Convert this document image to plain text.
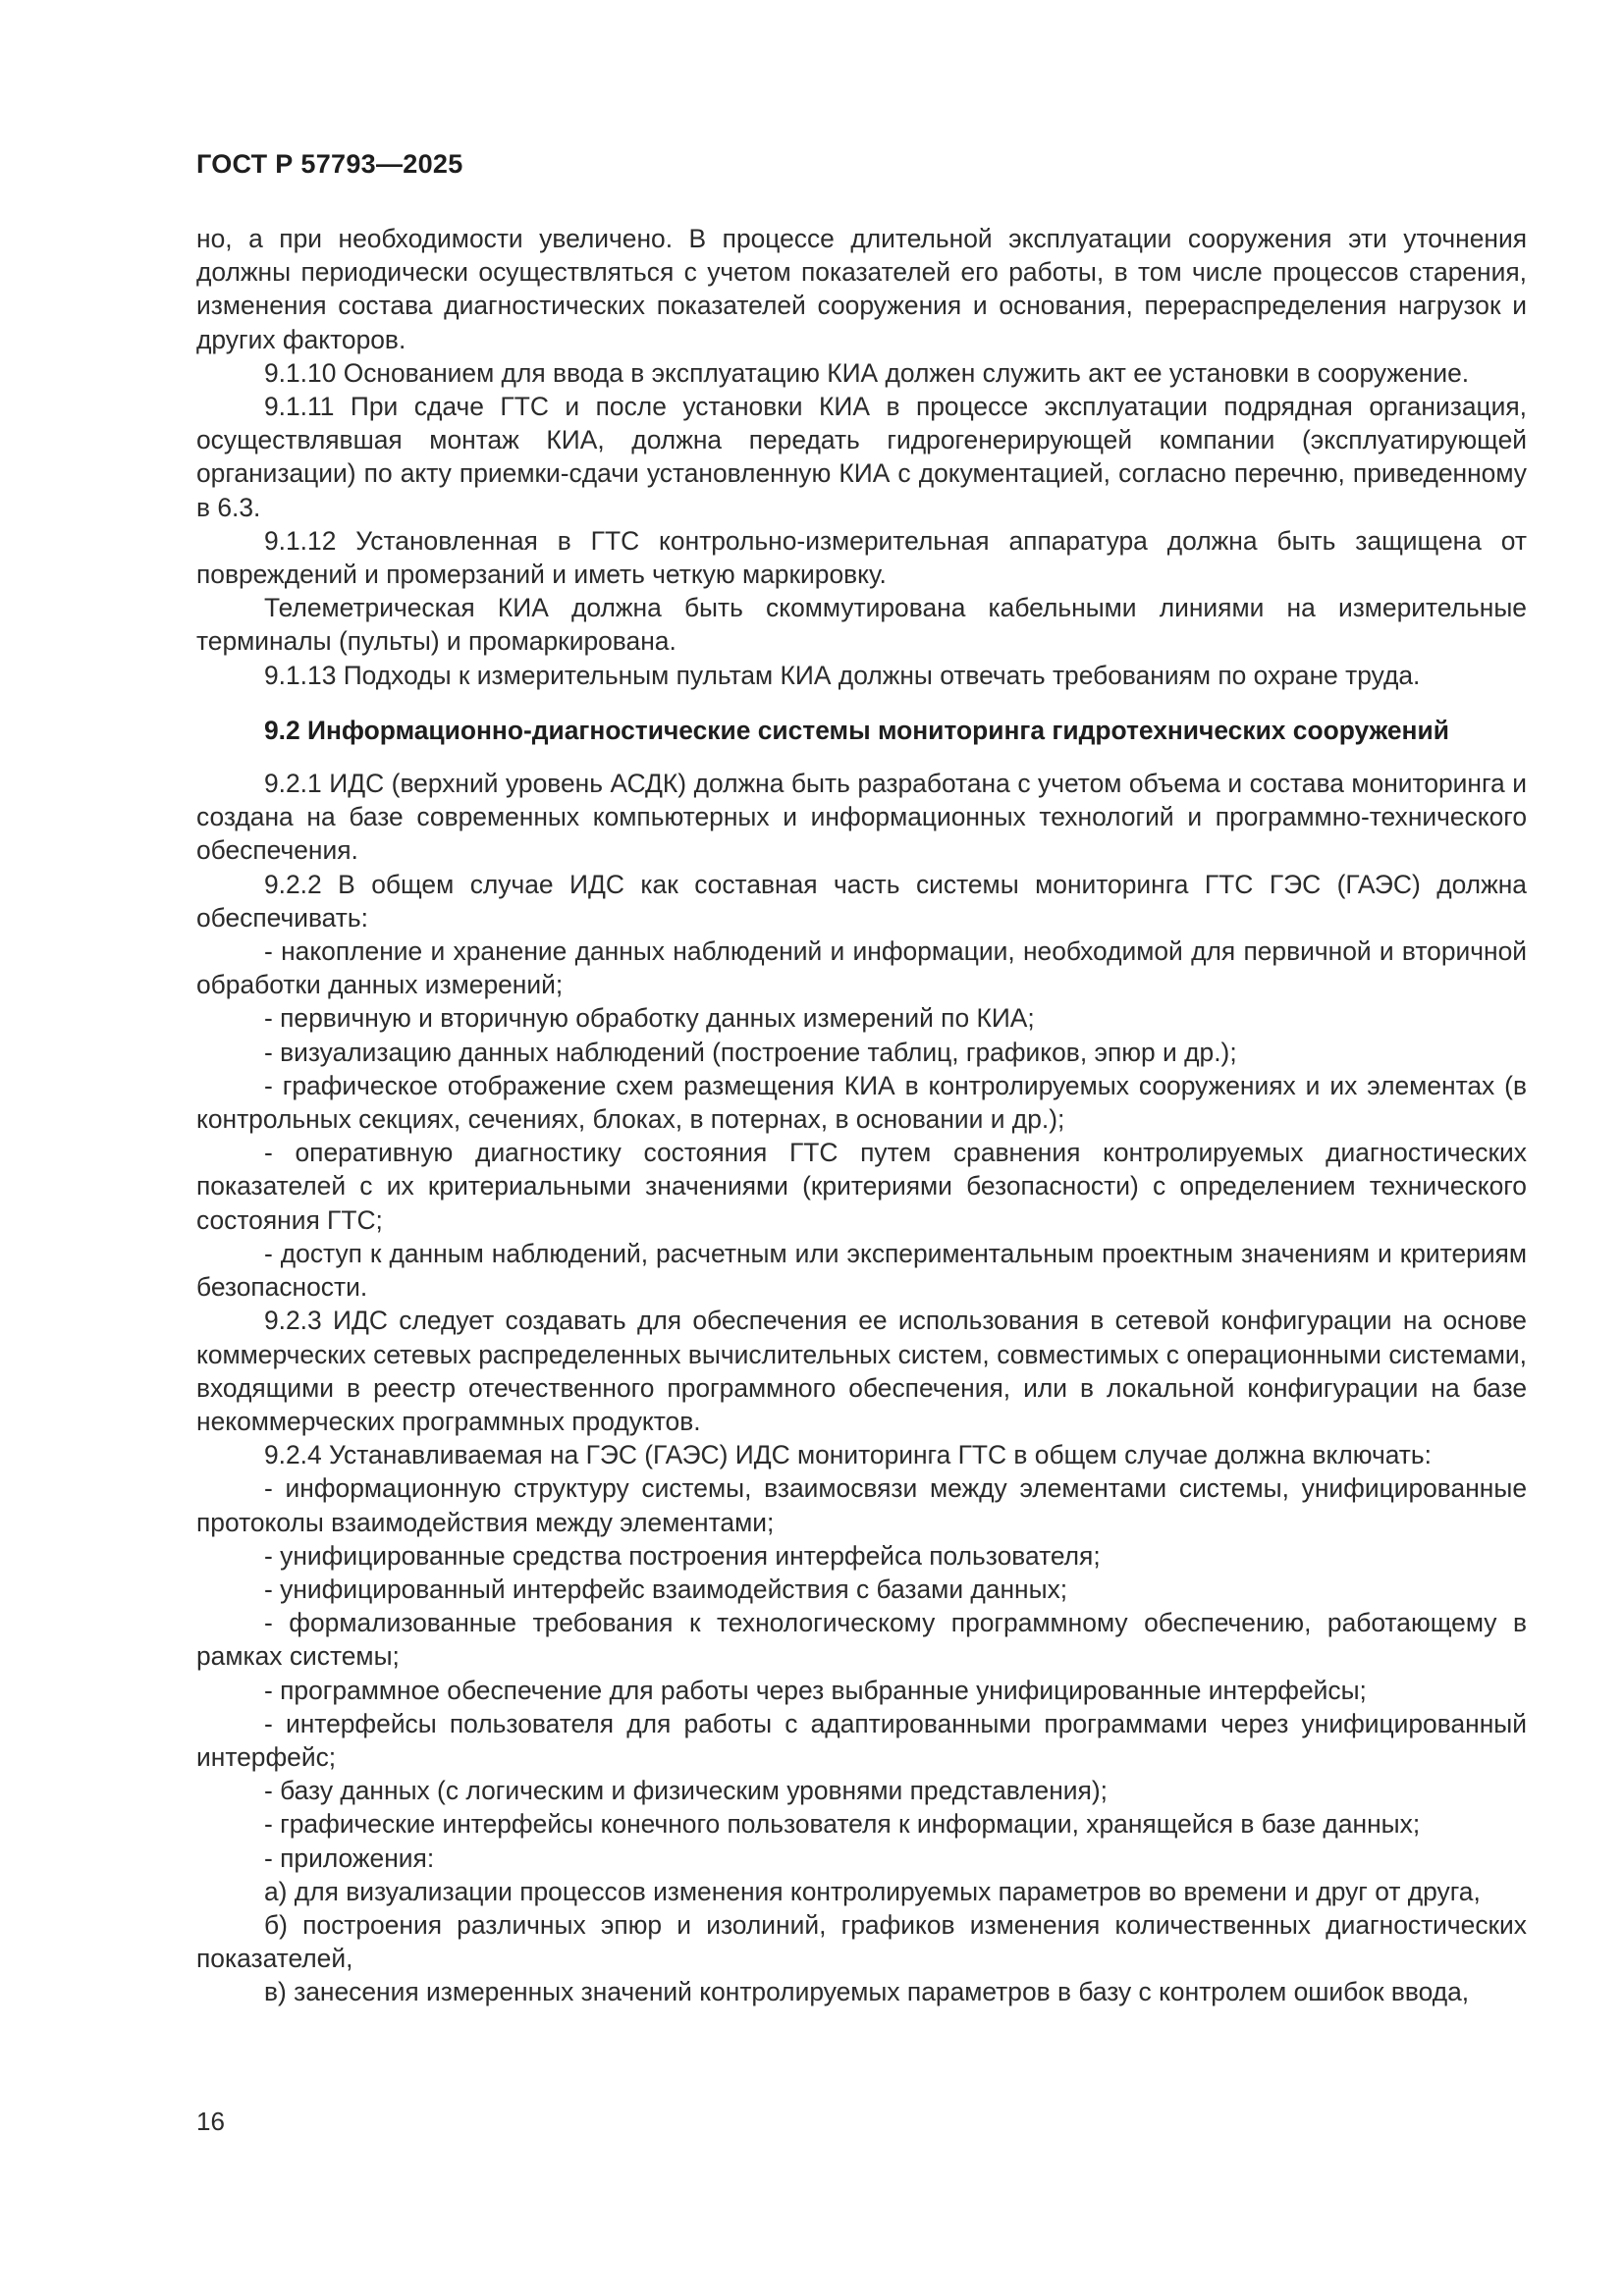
ГОСТ Р 57793—2025

но, а при необходимости увеличено. В процессе длительной эксплуатации сооружения эти уточнения должны периодически осуществляться с учетом показателей его работы, в том числе процессов старения, изменения состава диагностических показателей сооружения и основания, перераспределения нагрузок и других факторов.

9.1.10 Основанием для ввода в эксплуатацию КИА должен служить акт ее установки в сооружение.

9.1.11 При сдаче ГТС и после установки КИА в процессе эксплуатации подрядная организация, осуществлявшая монтаж КИА, должна передать гидрогенерирующей компании (эксплуатирующей организации) по акту приемки-сдачи установленную КИА с документацией, согласно перечню, приведенному в 6.3.

9.1.12 Установленная в ГТС контрольно-измерительная аппаратура должна быть защищена от повреждений и промерзаний и иметь четкую маркировку.

Телеметрическая КИА должна быть скоммутирована кабельными линиями на измерительные терминалы (пульты) и промаркирована.

9.1.13 Подходы к измерительным пультам КИА должны отвечать требованиям по охране труда.

9.2 Информационно-диагностические системы мониторинга гидротехнических сооружений

9.2.1 ИДС (верхний уровень АСДК) должна быть разработана с учетом объема и состава мониторинга и создана на базе современных компьютерных и информационных технологий и программно-технического обеспечения.

9.2.2 В общем случае ИДС как составная часть системы мониторинга ГТС ГЭС (ГАЭС) должна обеспечивать:

- накопление и хранение данных наблюдений и информации, необходимой для первичной и вторичной обработки данных измерений;

- первичную и вторичную обработку данных измерений по КИА;

- визуализацию данных наблюдений (построение таблиц, графиков, эпюр и др.);

- графическое отображение схем размещения КИА в контролируемых сооружениях и их элементах (в контрольных секциях, сечениях, блоках, в потернах, в основании и др.);

- оперативную диагностику состояния ГТС путем сравнения контролируемых диагностических показателей с их критериальными значениями (критериями безопасности) с определением технического состояния ГТС;

- доступ к данным наблюдений, расчетным или экспериментальным проектным значениям и критериям безопасности.

9.2.3 ИДС следует создавать для обеспечения ее использования в сетевой конфигурации на основе коммерческих сетевых распределенных вычислительных систем, совместимых с операционными системами, входящими в реестр отечественного программного обеспечения, или в локальной конфигурации на базе некоммерческих программных продуктов.

9.2.4 Устанавливаемая на ГЭС (ГАЭС) ИДС мониторинга ГТС в общем случае должна включать:

- информационную структуру системы, взаимосвязи между элементами системы, унифицированные протоколы взаимодействия между элементами;

- унифицированные средства построения интерфейса пользователя;

- унифицированный интерфейс взаимодействия с базами данных;

- формализованные требования к технологическому программному обеспечению, работающему в рамках системы;

- программное обеспечение для работы через выбранные унифицированные интерфейсы;

- интерфейсы пользователя для работы с адаптированными программами через унифицированный интерфейс;

- базу данных (с логическим и физическим уровнями представления);

- графические интерфейсы конечного пользователя к информации, хранящейся в базе данных;

- приложения:

а) для визуализации процессов изменения контролируемых параметров во времени и друг от друга,

б) построения различных эпюр и изолиний, графиков изменения количественных диагностических показателей,

в) занесения измеренных значений контролируемых параметров в базу с контролем ошибок ввода,

16
